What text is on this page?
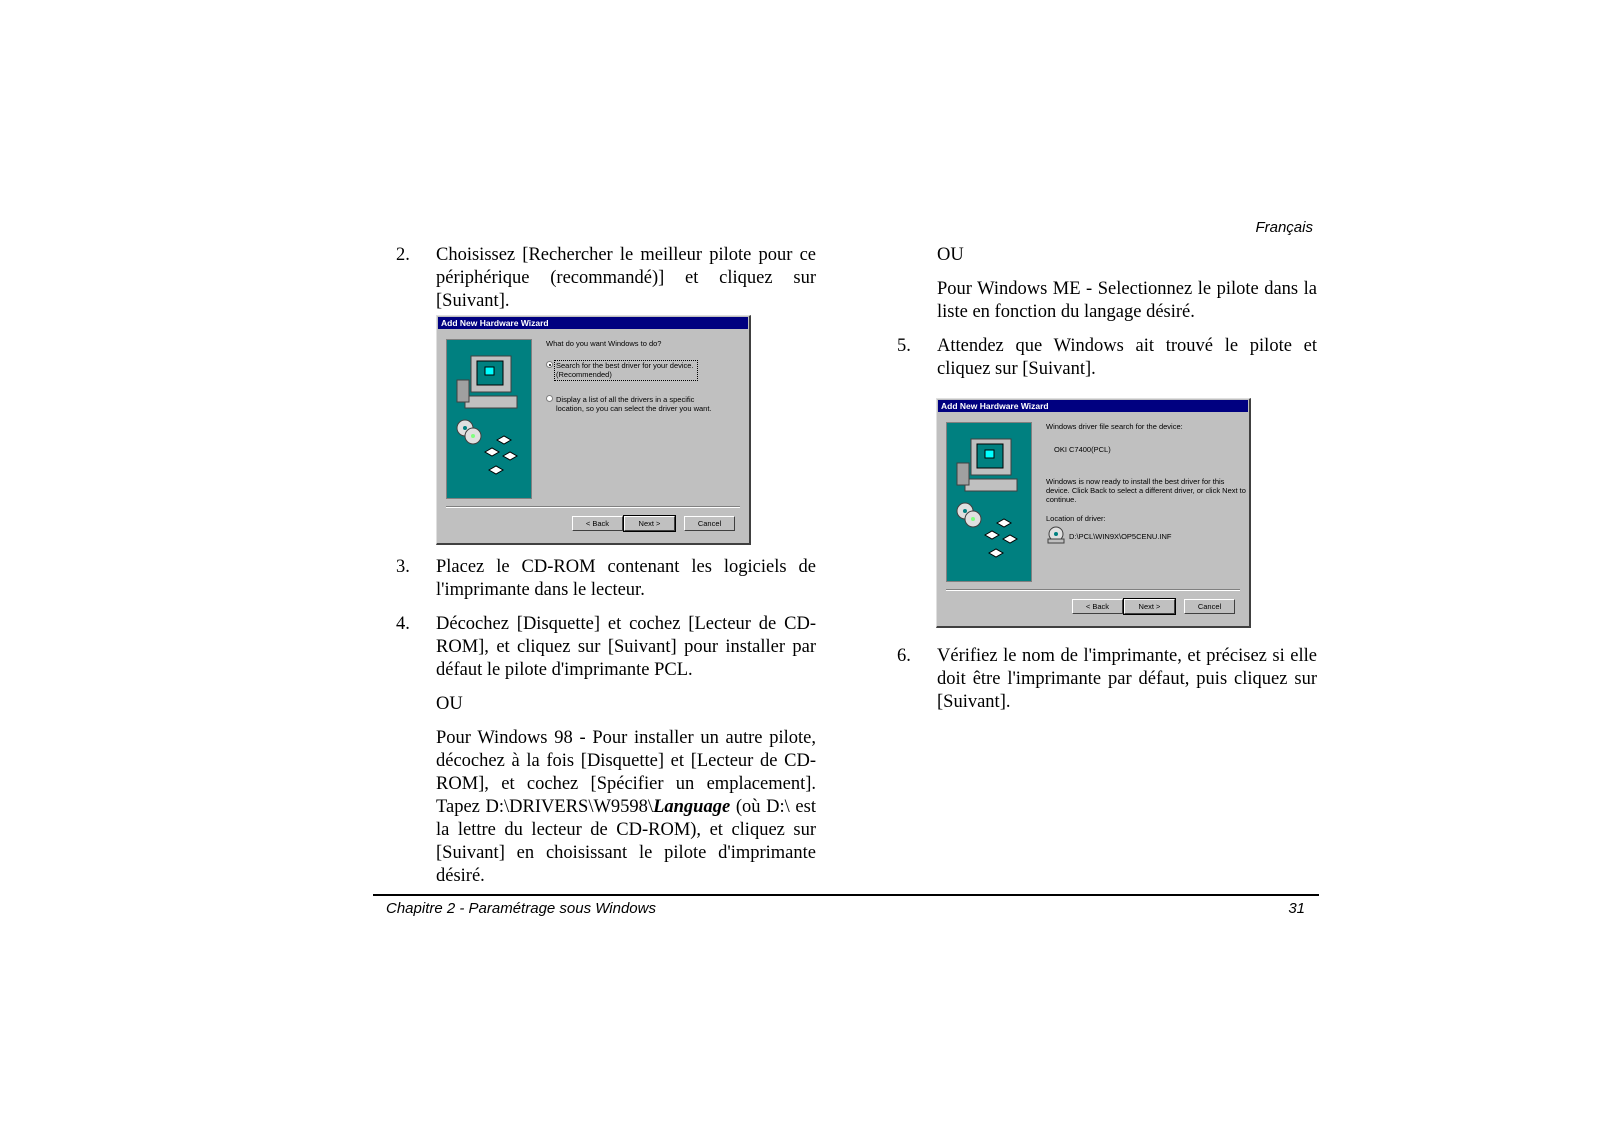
Français
2. Choisissez [Rechercher le meilleur pilote pour ce périphérique (recommandé)] et cliquez sur [Suivant].
3. Placez le CD-ROM contenant les logiciels de l'imprimante dans le lecteur.
4. Décochez [Disquette] et cochez [Lecteur de CD-ROM], et cliquez sur [Suivant] pour installer par défaut le pilote d'imprimante PCL.
OU
Pour Windows 98 - Pour installer un autre pilote, décochez à la fois [Disquette] et [Lecteur de CD-ROM], et cochez [Spécifier un emplacement]. Tapez D:\DRIVERS\W9598\Language (où D:\ est la lettre du lecteur de CD-ROM), et cliquez sur [Suivant] en choisissant le pilote d'imprimante désiré.
Add New Hardware Wizard
What do you want Windows to do?
Search for the best driver for your device. (Recommended)
Display a list of all the drivers in a specific location, so you can select the driver you want.
< Back	Next >	Cancel
OU
Pour Windows ME - Selectionnez le pilote dans la liste en fonction du langage désiré.
5. Attendez que Windows ait trouvé le pilote et cliquez sur [Suivant].
6. Vérifiez le nom de l'imprimante, et précisez si elle doit être l'imprimante par défaut, puis cliquez sur [Suivant].
Add New Hardware Wizard
Windows driver file search for the device:
OKI C7400(PCL)
Windows is now ready to install the best driver for this device. Click Back to select a different driver, or click Next to continue.
Location of driver:
D:\PCL\WIN9X\OP5CENU.INF
< Back	Next >	Cancel
Chapitre 2 - Paramétrage sous Windows	31
